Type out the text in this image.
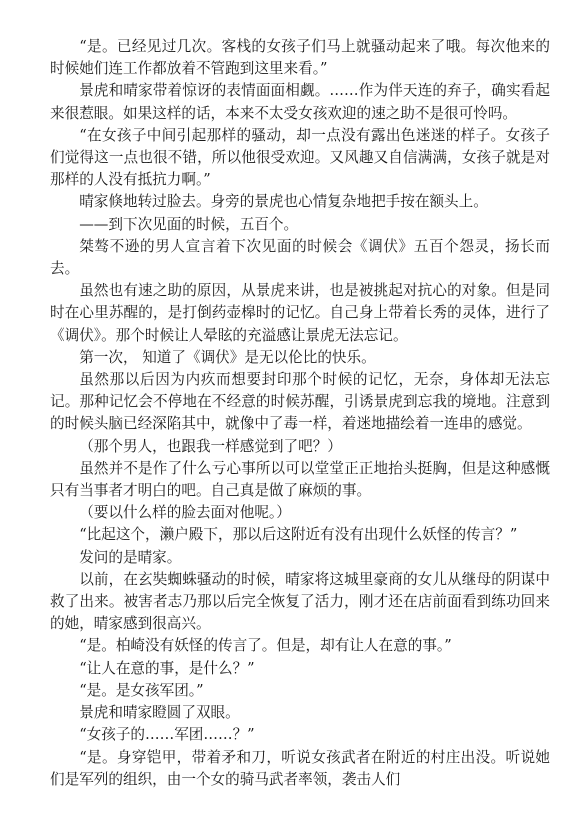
“是。已经见过几次。客栈的女孩子们马上就骚动起来了哦。每次他来的时候她们连工作都放着不管跑到这里来看。”

景虎和晴家带着惊讶的表情面面相觑。……作为伴天连的弃子，确实看起来很惹眼。如果这样的话，本来不太受女孩欢迎的速之助不是很可怜吗。

“在女孩子中间引起那样的骚动，却一点没有露出色迷迷的样子。女孩子们觉得这一点也很不错，所以他很受欢迎。又风趣又自信满满，女孩子就是对那样的人没有抵抗力啊。”

晴家倏地转过脸去。身旁的景虎也心情复杂地把手按在额头上。

——到下次见面的时候，五百个。

桀骜不逊的男人宣言着下次见面的时候会《调伏》五百个怨灵，扬长而去。

虽然也有速之助的原因，从景虎来讲，也是被挑起对抗心的对象。但是同时在心里苏醒的，是打倒药壶槔时的记忆。自己身上带着长秀的灵体，进行了《调伏》。那个时候让人晕眩的充溢感让景虎无法忘记。

第一次， 知道了《调伏》是无以伦比的快乐。

虽然那以后因为内疚而想要封印那个时候的记忆，无奈，身体却无法忘记。那种记忆会不停地在不经意的时候苏醒，引诱景虎到忘我的境地。注意到的时候头脑已经深陷其中，就像中了毒一样，着迷地描绘着一连串的感觉。

（那个男人，也跟我一样感觉到了吧？）

虽然并不是作了什么亏心事所以可以堂堂正正地抬头挺胸，但是这种感慨只有当事者才明白的吧。自己真是做了麻烦的事。

（要以什么样的脸去面对他呢。）

“比起这个，濑户殿下，那以后这附近有没有出现什么妖怪的传言？”

发问的是晴家。

以前，在玄奘蜘蛛骚动的时候，晴家将这城里豪商的女儿从继母的阴谋中救了出来。被害者志乃那以后完全恢复了活力，刚才还在店前面看到练功回来的她，晴家感到很高兴。

“是。柏崎没有妖怪的传言了。但是，却有让人在意的事。”

“让人在意的事，是什么？”

“是。是女孩军团。”

景虎和晴家瞪圆了双眼。

“女孩子的……军团……？”

“是。身穿铠甲，带着矛和刀，听说女孩武者在附近的村庄出没。听说她们是军列的组织，由一个女的骑马武者率领，袭击人们
